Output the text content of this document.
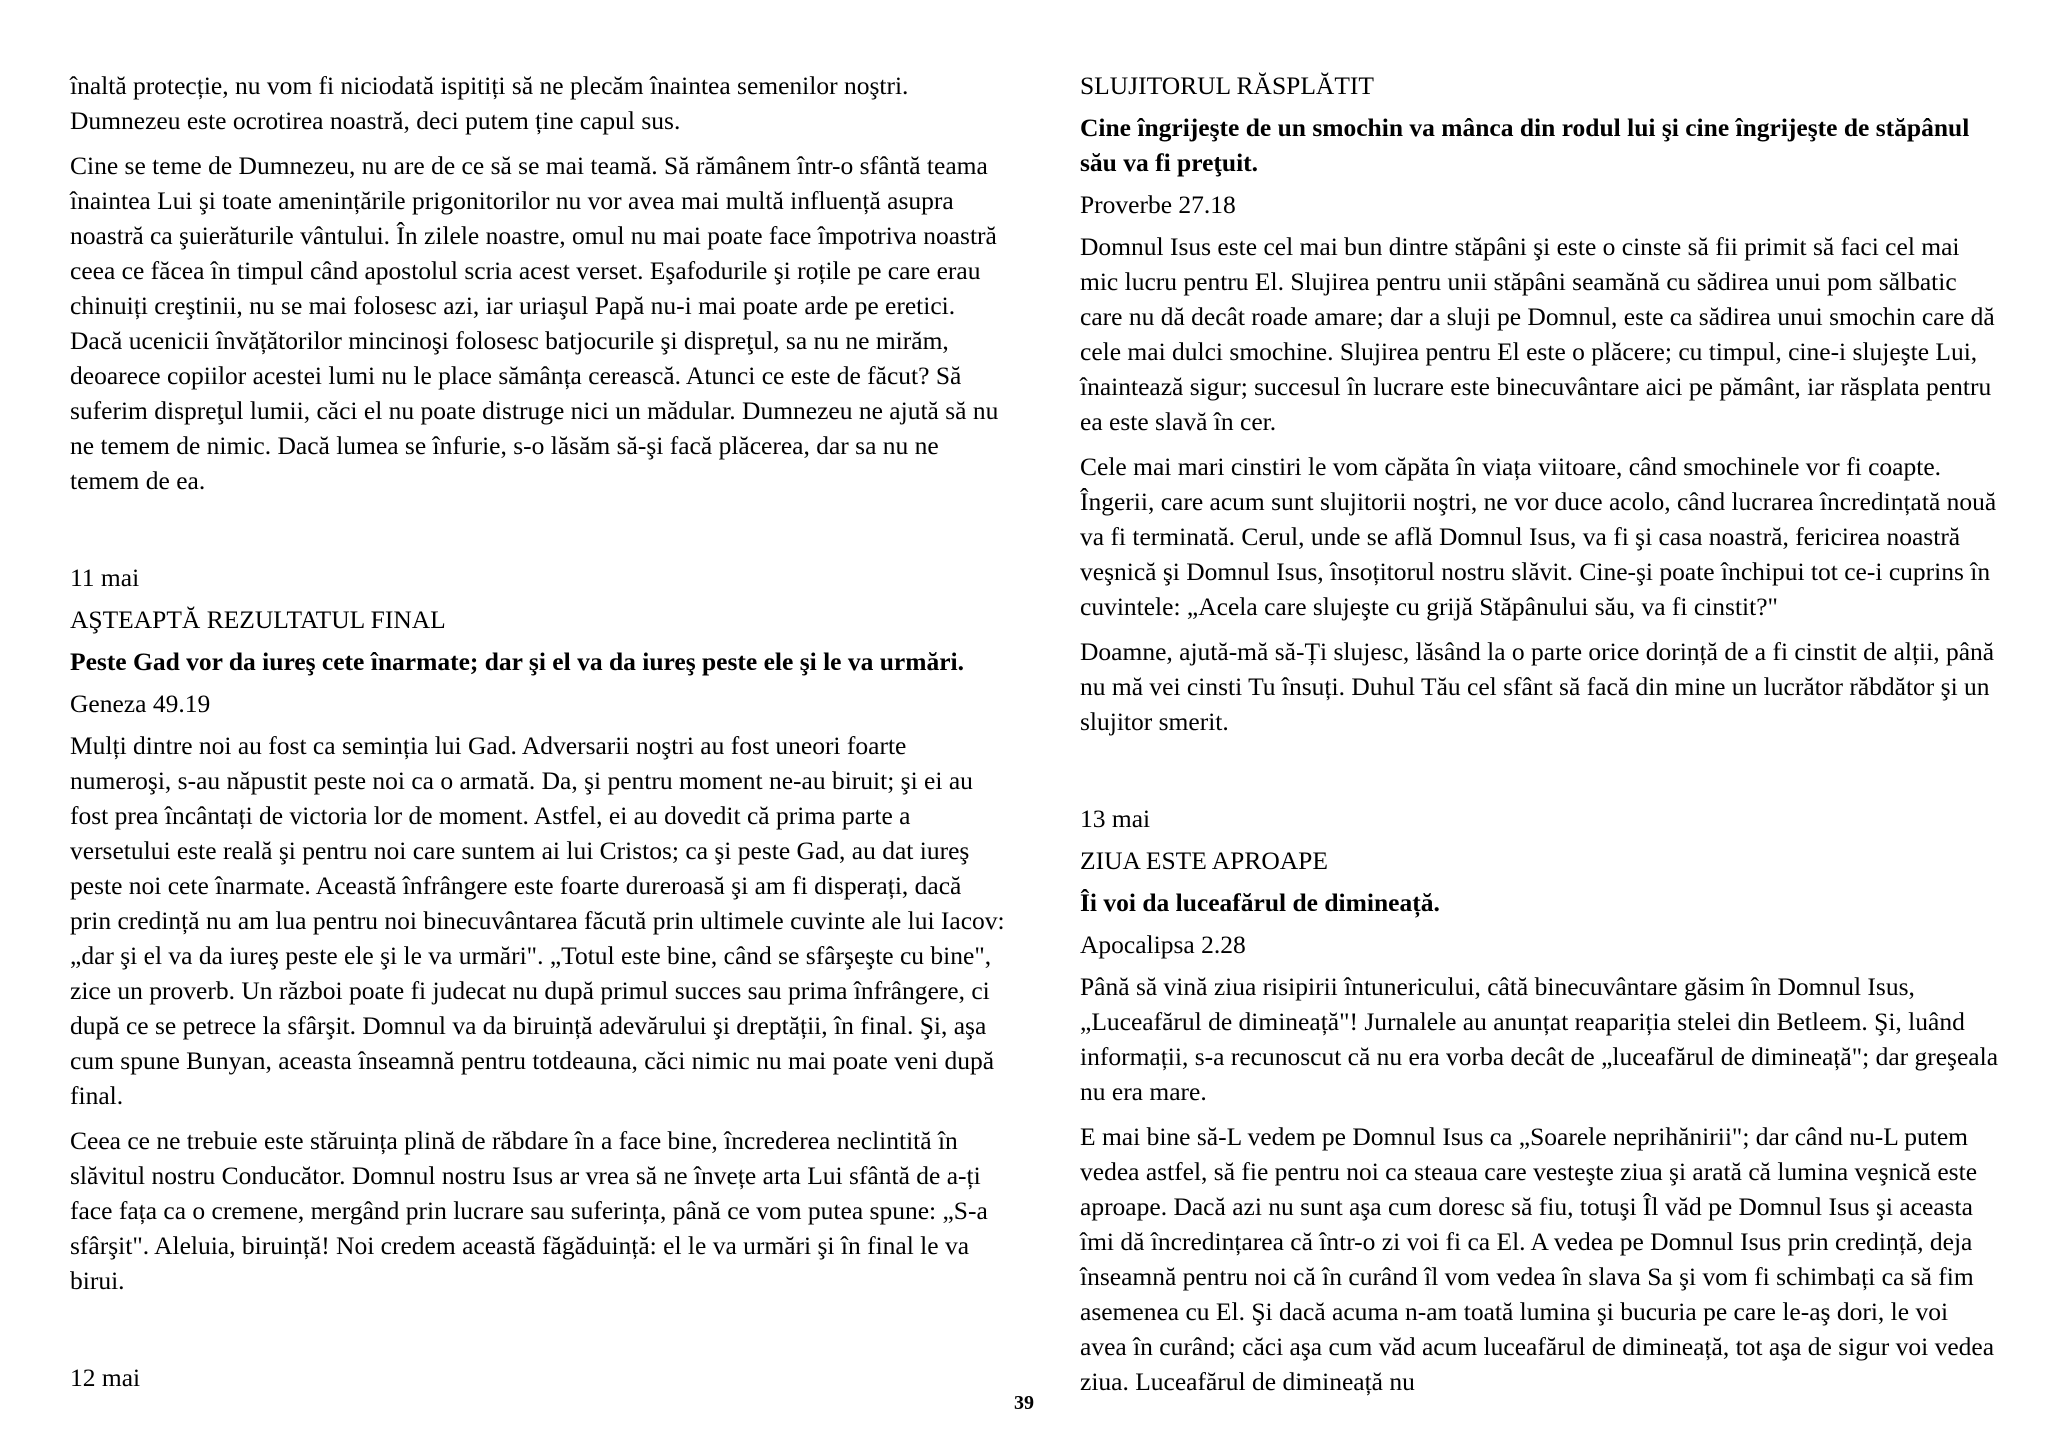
înaltă protecție, nu vom fi niciodată ispitiți să ne plecăm înaintea semenilor noştri. Dumnezeu este ocrotirea noastră, deci putem ține capul sus.

Cine se teme de Dumnezeu, nu are de ce să se mai teamă. Să rămânem într-o sfântă teama înaintea Lui şi toate amenințările prigonitorilor nu vor avea mai multă influență asupra noastră ca şuierăturile vântului. În zilele noastre, omul nu mai poate face împotriva noastră ceea ce făcea în timpul când apostolul scria acest verset. Eşafodurile şi roțile pe care erau chinuiți creştinii, nu se mai folosesc azi, iar uriaşul Papă nu-i mai poate arde pe eretici. Dacă ucenicii învățătorilor mincinoşi folosesc batjocurile şi dispreţul, sa nu ne mirăm, deoarece copiilor acestei lumi nu le place sămânța cerească. Atunci ce este de făcut? Să suferim dispreţul lumii, căci el nu poate distruge nici un mădular. Dumnezeu ne ajută să nu ne temem de nimic. Dacă lumea se înfurie, s-o lăsăm să-şi facă plăcerea, dar sa nu ne temem de ea.

11 mai

AŞTEAPTĂ REZULTATUL FINAL

Peste Gad vor da iureş cete înarmate; dar şi el va da iureş peste ele şi le va urmări.

Geneza 49.19

Mulți dintre noi au fost ca seminția lui Gad. Adversarii noştri au fost uneori foarte numeroşi, s-au năpustit peste noi ca o armată. Da, şi pentru moment ne-au biruit; şi ei au fost prea încântați de victoria lor de moment. Astfel, ei au dovedit că prima parte a versetului este reală şi pentru noi care suntem ai lui Cristos; ca şi peste Gad, au dat iureş peste noi cete înarmate. Această înfrângere este foarte dureroasă şi am fi disperați, dacă prin credință nu am lua pentru noi binecuvântarea făcută prin ultimele cuvinte ale lui Iacov: „dar şi el va da iureş peste ele şi le va urmări". „Totul este bine, când se sfârşeşte cu bine", zice un proverb. Un război poate fi judecat nu după primul succes sau prima înfrângere, ci după ce se petrece la sfârşit. Domnul va da biruință adevărului şi dreptății, în final. Şi, aşa cum spune Bunyan, aceasta înseamnă pentru totdeauna, căci nimic nu mai poate veni după final.

Ceea ce ne trebuie este stăruința plină de răbdare în a face bine, încrederea neclintită în slăvitul nostru Conducător. Domnul nostru Isus ar vrea să ne învețe arta Lui sfântă de a-ți face fața ca o cremene, mergând prin lucrare sau suferința, până ce vom putea spune: „S-a sfârşit". Aleluia, biruință! Noi credem această făgăduință: el le va urmări şi în final le va birui.

12 mai

SLUJITORUL RĂSPLĂTIT

Cine îngrijeşte de un smochin va mânca din rodul lui şi cine îngrijeşte de stăpânul său va fi preţuit.

Proverbe 27.18

Domnul Isus este cel mai bun dintre stăpâni şi este o cinste să fii primit să faci cel mai mic lucru pentru El. Slujirea pentru unii stăpâni seamănă cu sădirea unui pom sălbatic care nu dă decât roade amare; dar a sluji pe Domnul, este ca sădirea unui smochin care dă cele mai dulci smochine. Slujirea pentru El este o plăcere; cu timpul, cine-i slujeşte Lui, înaintează sigur; succesul în lucrare este binecuvântare aici pe pământ, iar răsplata pentru ea este slavă în cer.

Cele mai mari cinstiri le vom căpăta în viața viitoare, când smochinele vor fi coapte. Îngerii, care acum sunt slujitorii noştri, ne vor duce acolo, când lucrarea încredințată nouă va fi terminată. Cerul, unde se află Domnul Isus, va fi şi casa noastră, fericirea noastră veşnică şi Domnul Isus, însoțitorul nostru slăvit. Cine-şi poate închipui tot ce-i cuprins în cuvintele: „Acela care slujeşte cu grijă Stăpânului său, va fi cinstit?"

Doamne, ajută-mă să-Ți slujesc, lăsând la o parte orice dorință de a fi cinstit de alții, până nu mă vei cinsti Tu însuți. Duhul Tău cel sfânt să facă din mine un lucrător răbdător şi un slujitor smerit.

13 mai

ZIUA ESTE APROAPE

Îi voi da luceafărul de dimineață.

Apocalipsa 2.28

Până să vină ziua risipirii întunericului, câtă binecuvântare găsim în Domnul Isus, „Luceafărul de dimineață"! Jurnalele au anunțat reapariția stelei din Betleem. Şi, luând informații, s-a recunoscut că nu era vorba decât de „luceafărul de dimineață"; dar greşeala nu era mare.

E mai bine să-L vedem pe Domnul Isus ca „Soarele neprihănirii"; dar când nu-L putem vedea astfel, să fie pentru noi ca steaua care vesteşte ziua şi arată că lumina veşnică este aproape. Dacă azi nu sunt aşa cum doresc să fiu, totuşi Îl văd pe Domnul Isus şi aceasta îmi dă încredințarea că într-o zi voi fi ca El. A vedea pe Domnul Isus prin credință, deja înseamnă pentru noi că în curând îl vom vedea în slava Sa şi vom fi schimbați ca să fim asemenea cu El. Şi dacă acuma n-am toată lumina şi bucuria pe care le-aş dori, le voi avea în curând; căci aşa cum văd acum luceafărul de dimineață, tot aşa de sigur voi vedea ziua. Luceafărul de dimineață nu

39
